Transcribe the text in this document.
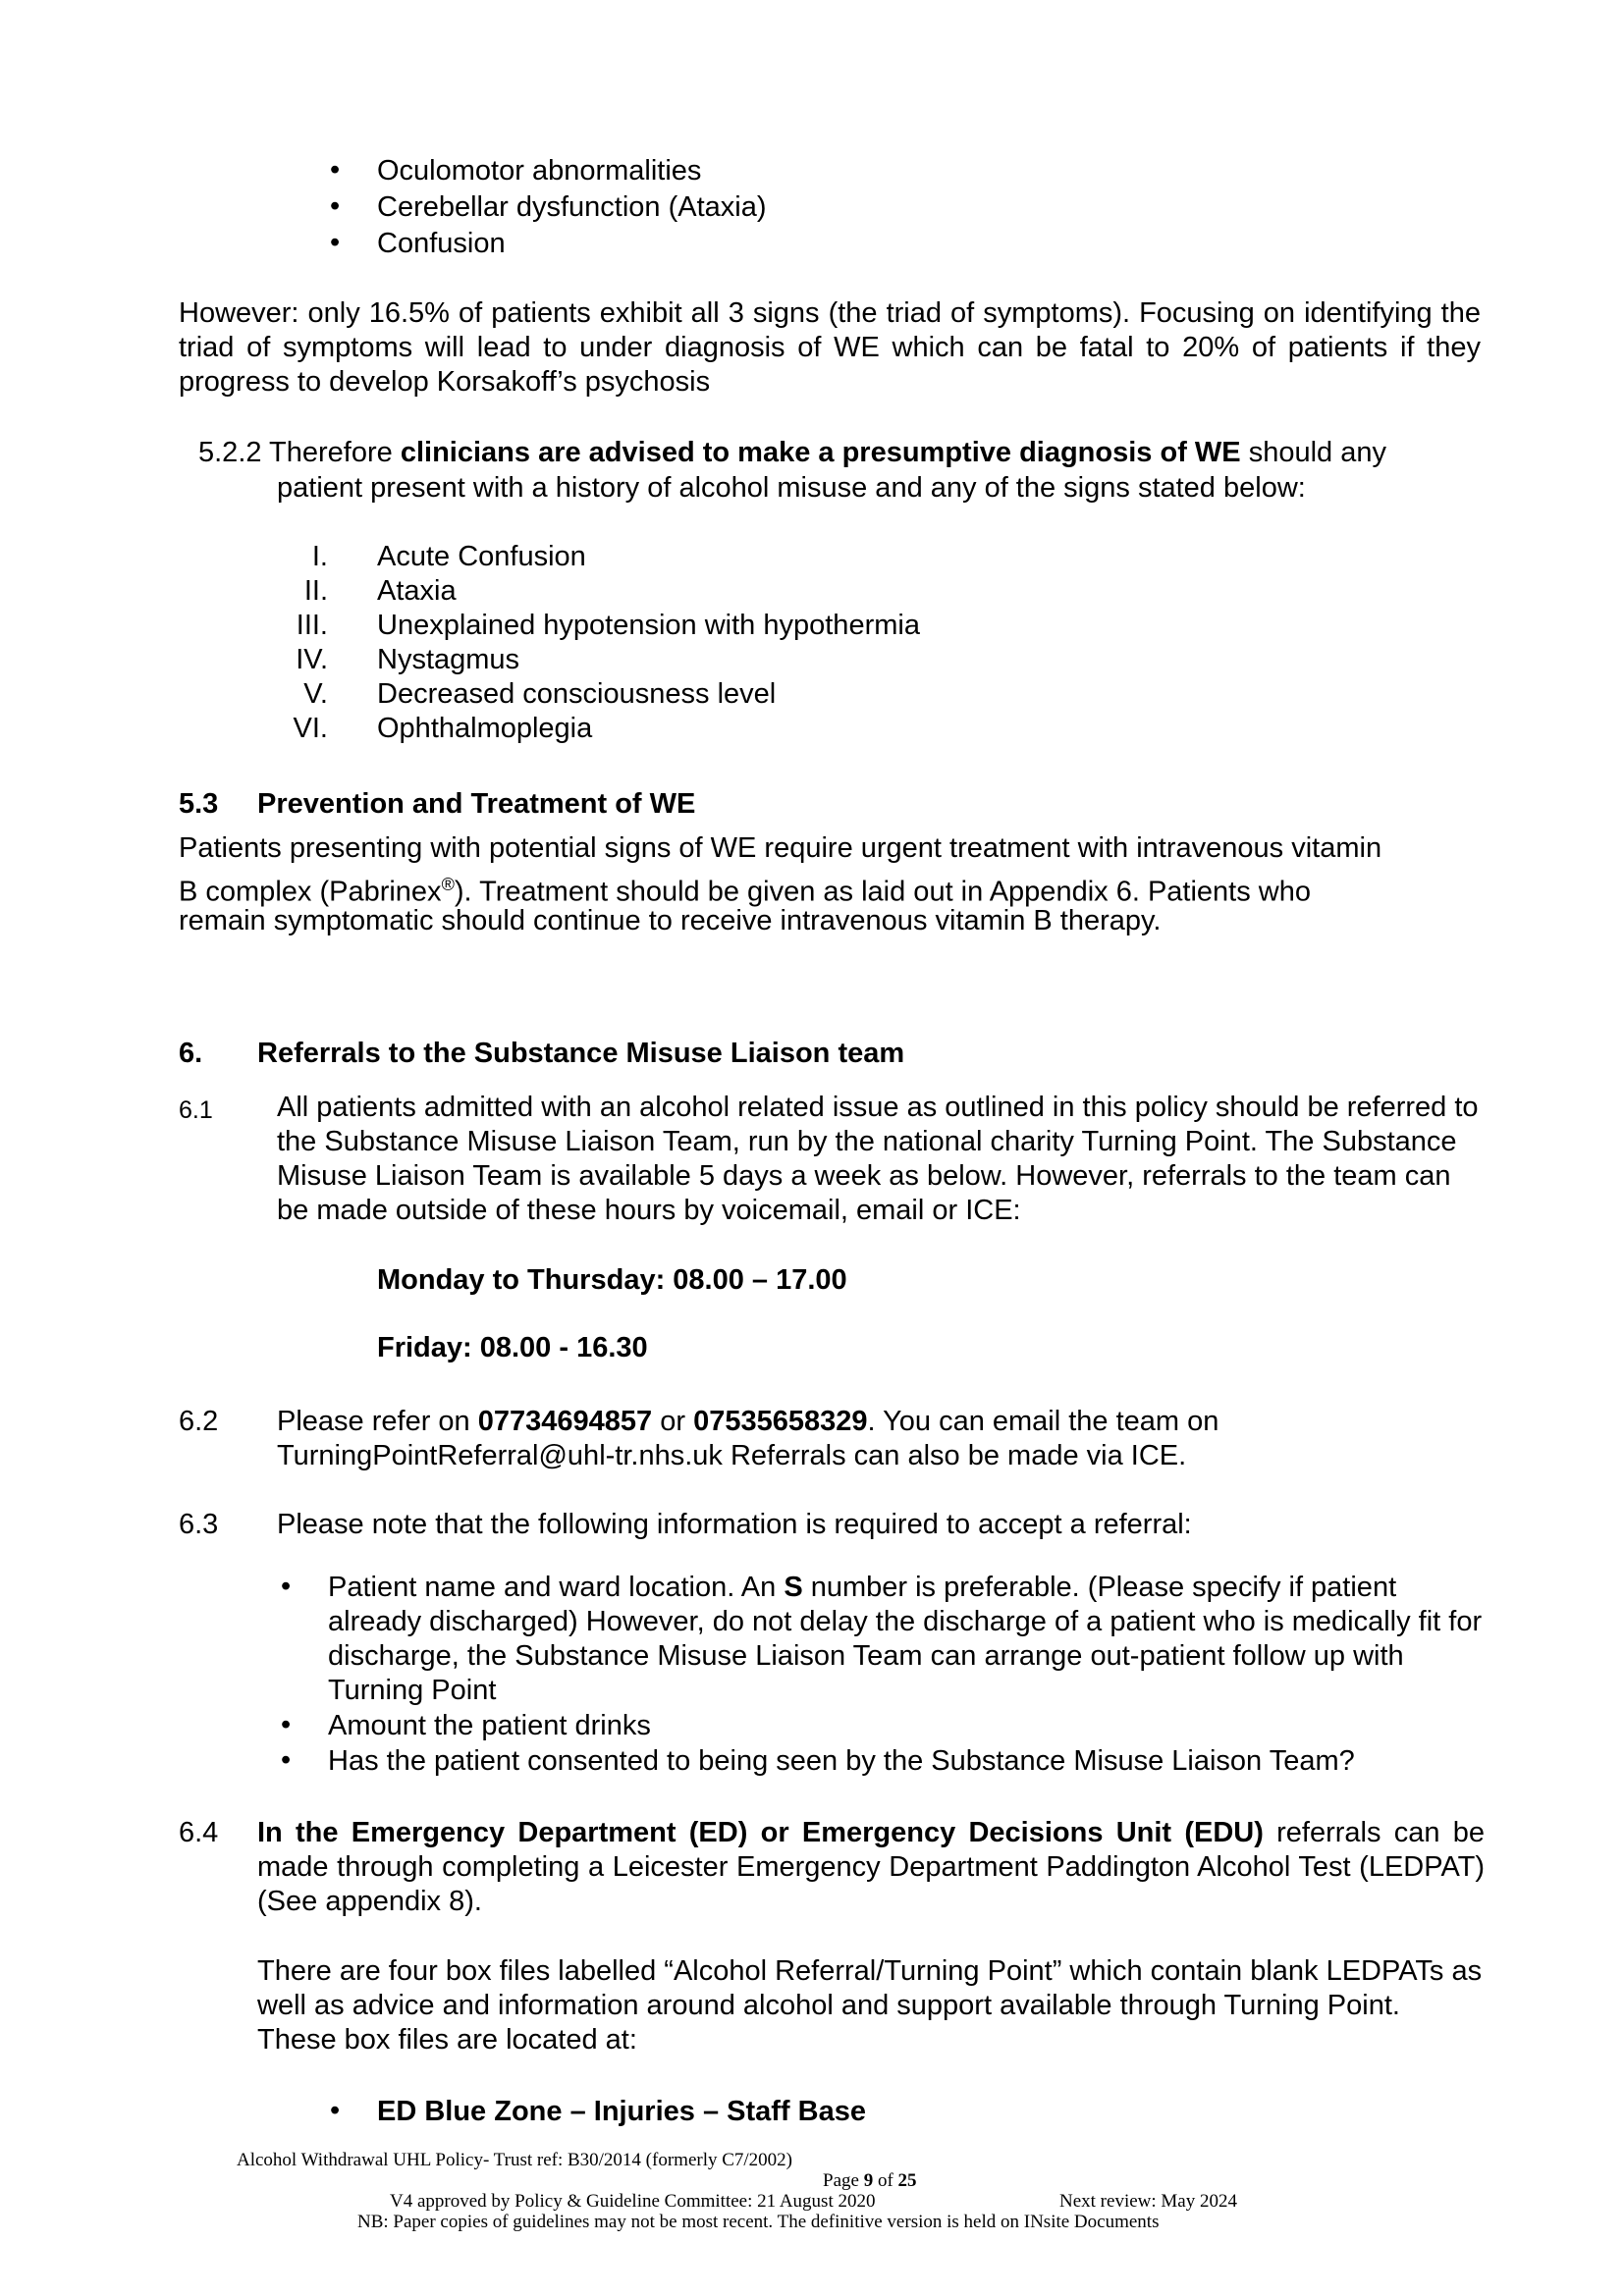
• Oculomotor abnormalities
• Cerebellar dysfunction (Ataxia)
• Confusion
However: only 16.5% of patients exhibit all 3 signs (the triad of symptoms). Focusing on identifying the triad of symptoms will lead to under diagnosis of WE which can be fatal to 20% of patients if they progress to develop Korsakoff’s psychosis
5.2.2 Therefore clinicians are advised to make a presumptive diagnosis of WE should any
patient present with a history of alcohol misuse and any of the signs stated below:
I. Acute Confusion
II. Ataxia
III. Unexplained hypotension with hypothermia
IV. Nystagmus
V. Decreased consciousness level
VI. Ophthalmoplegia
5.3 Prevention and Treatment of WE
Patients presenting with potential signs of WE require urgent treatment with intravenous vitamin
B complex (Pabrinex®). Treatment should be given as laid out in Appendix 6. Patients who
remain symptomatic should continue to receive intravenous vitamin B therapy.
6. Referrals to the Substance Misuse Liaison team
6.1 All patients admitted with an alcohol related issue as outlined in this policy should be referred to the Substance Misuse Liaison Team, run by the national charity Turning Point. The Substance Misuse Liaison Team is available 5 days a week as below. However, referrals to the team can be made outside of these hours by voicemail, email or ICE:
Monday to Thursday: 08.00 – 17.00
Friday: 08.00 - 16.30
6.2 Please refer on 07734694857 or 07535658329. You can email the team on
TurningPointReferral@uhl-tr.nhs.uk Referrals can also be made via ICE.
6.3 Please note that the following information is required to accept a referral:
• Patient name and ward location. An S number is preferable. (Please specify if patient already discharged) However, do not delay the discharge of a patient who is medically fit for discharge, the Substance Misuse Liaison Team can arrange out-patient follow up with Turning Point
• Amount the patient drinks
• Has the patient consented to being seen by the Substance Misuse Liaison Team?
6.4 In the Emergency Department (ED) or Emergency Decisions Unit (EDU) referrals can be made through completing a Leicester Emergency Department Paddington Alcohol Test (LEDPAT) (See appendix 8).
There are four box files labelled “Alcohol Referral/Turning Point” which contain blank LEDPATs as well as advice and information around alcohol and support available through Turning Point. These box files are located at:
• ED Blue Zone – Injuries – Staff Base
Alcohol Withdrawal UHL Policy- Trust ref: B30/2014 (formerly C7/2002)
Page 9 of 25
V4 approved by Policy & Guideline Committee: 21 August 2020	Next review: May 2024
NB: Paper copies of guidelines may not be most recent. The definitive version is held on INsite Documents
